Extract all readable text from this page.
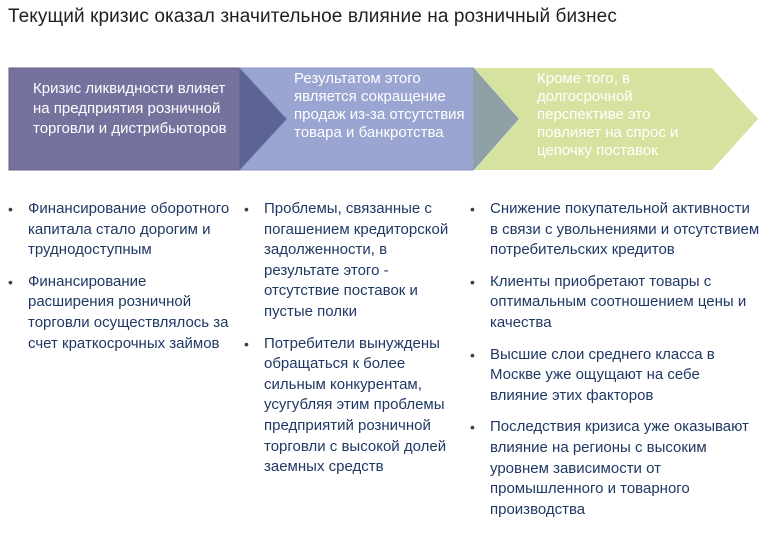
Текущий кризис оказал значительное влияние на розничный бизнес
Кризис ликвидности влияет на предприятия розничной торговли и дистрибьюторов
Результатом этого является сокращение продаж из-за отсутствия товара и банкротства
Кроме того, в долгосрочной перспективе это повлияет на спрос и цепочку поставок
• Финансирование оборотного капитала стало дорогим и труднодоступным
• Финансирование расширения розничной торговли осуществлялось за счет краткосрочных займов
• Проблемы, связанные с погашением кредиторской задолженности, в результате этого - отсутствие поставок и пустые полки
• Потребители вынуждены обращаться к более сильным конкурентам, усугубляя этим проблемы предприятий розничной торговли с высокой долей заемных средств
• Снижение покупательной активности в связи с увольнениями и отсутствием потребительских кредитов
• Клиенты приобретают товары с оптимальным соотношением цены и качества
• Высшие слои среднего класса в Москве уже ощущают на себе влияние этих факторов
• Последствия кризиса уже оказывают влияние на регионы с высоким уровнем зависимости от промышленного и товарного производства
